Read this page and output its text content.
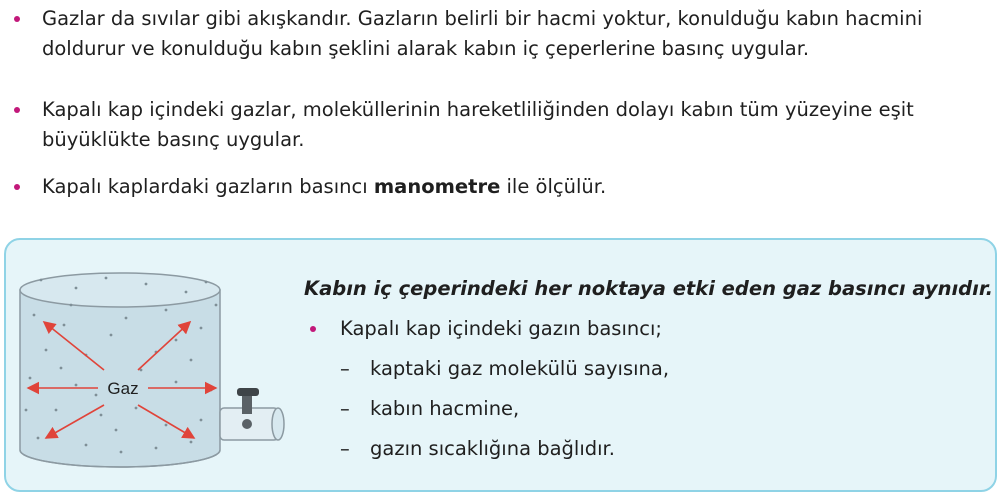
Gazlar da sıvılar gibi akışkandır. Gazların belirli bir hacmi yoktur, konulduğu kabın hacmini doldurur ve konulduğu kabın şeklini alarak kabın iç çeperlerine basınç uygular.
Kapalı kap içindeki gazlar, moleküllerinin hareketliliğinden dolayı kabın tüm yüzeyine eşit büyüklükte basınç uygular.
Kapalı kaplardaki gazların basıncı manometre ile ölçülür.
Gaz
Kabın iç çeperindeki her noktaya etki eden gaz basıncı aynıdır.
Kapalı kap içindeki gazın basıncı;
– kaptaki gaz molekülü sayısına,
– kabın hacmine,
– gazın sıcaklığına bağlıdır.
